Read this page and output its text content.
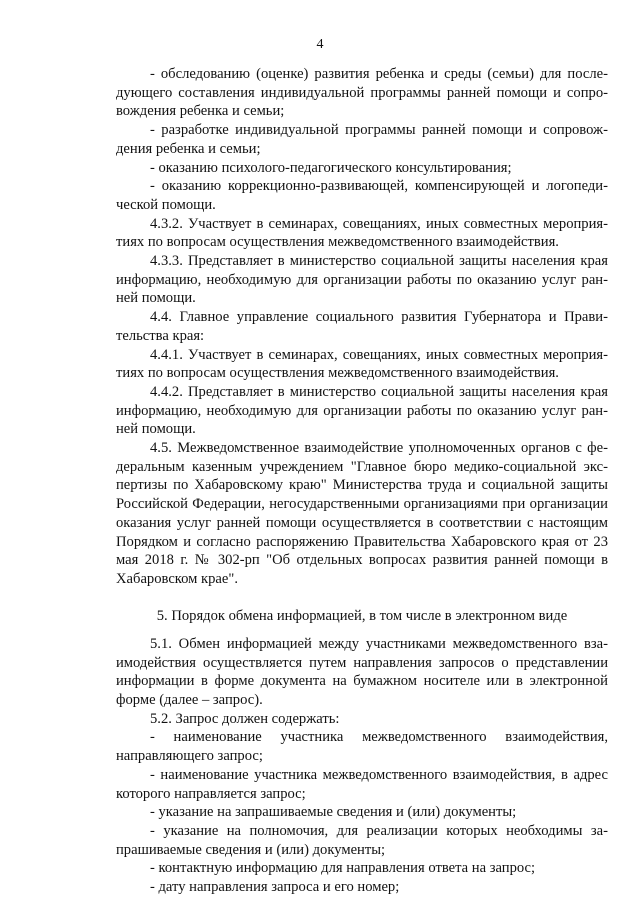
4

- обследованию (оценке) развития ребенка и среды (семьи) для последующего составления индивидуальной программы ранней помощи и сопровождения ребенка и семьи;

- разработке индивидуальной программы ранней помощи и сопровождения ребенка и семьи;

- оказанию психолого-педагогического консультирования;

- оказанию коррекционно-развивающей, компенсирующей и логопедической помощи.

4.3.2. Участвует в семинарах, совещаниях, иных совместных мероприятиях по вопросам осуществления межведомственного взаимодействия.

4.3.3. Представляет в министерство социальной защиты населения края информацию, необходимую для организации работы по оказанию услуг ранней помощи.

4.4. Главное управление социального развития Губернатора и Правительства края:

4.4.1. Участвует в семинарах, совещаниях, иных совместных мероприятиях по вопросам осуществления межведомственного взаимодействия.

4.4.2. Представляет в министерство социальной защиты населения края информацию, необходимую для организации работы по оказанию услуг ранней помощи.

4.5. Межведомственное взаимодействие уполномоченных органов с федеральным казенным учреждением "Главное бюро медико-социальной экспертизы по Хабаровскому краю" Министерства труда и социальной защиты Российской Федерации, негосударственными организациями при организации оказания услуг ранней помощи осуществляется в соответствии с настоящим Порядком и согласно распоряжению Правительства Хабаровского края от 23 мая 2018 г. № 302-рп "Об отдельных вопросах развития ранней помощи в Хабаровском крае".

5. Порядок обмена информацией, в том числе в электронном виде

5.1. Обмен информацией между участниками межведомственного взаимодействия осуществляется путем направления запросов о представлении информации в форме документа на бумажном носителе или в электронной форме (далее – запрос).

5.2. Запрос должен содержать:

- наименование участника межведомственного взаимодействия, направляющего запрос;

- наименование участника межведомственного взаимодействия, в адрес которого направляется запрос;

- указание на запрашиваемые сведения и (или) документы;

- указание на полномочия, для реализации которых необходимы запрашиваемые сведения и (или) документы;

- контактную информацию для направления ответа на запрос;

- дату направления запроса и его номер;
